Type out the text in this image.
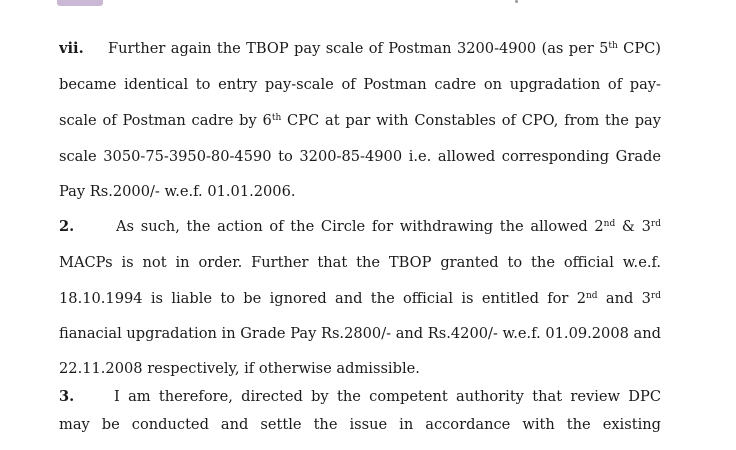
vii. Further again the TBOP pay scale of Postman 3200-4900 (as per 5th CPC)
became identical to entry pay-scale of Postman cadre on upgradation of pay-
scale of Postman cadre by 6th CPC at par with Constables of CPO, from the pay
scale 3050-75-3950-80-4590 to 3200-85-4900 i.e. allowed corresponding Grade
Pay Rs.2000/- w.e.f. 01.01.2006.
2.	As such, the action of the Circle for withdrawing the allowed 2nd & 3rd
MACPs is not in order. Further that the TBOP granted to the official w.e.f.
18.10.1994 is liable to be ignored and the official is entitled for 2nd and 3rd
fianacial upgradation in Grade Pay Rs.2800/- and Rs.4200/- w.e.f. 01.09.2008 and
22.11.2008 respectively, if otherwise admissible.
3.	I am therefore, directed by the competent authority that review DPC
may be conducted and settle the issue in accordance with the existing
